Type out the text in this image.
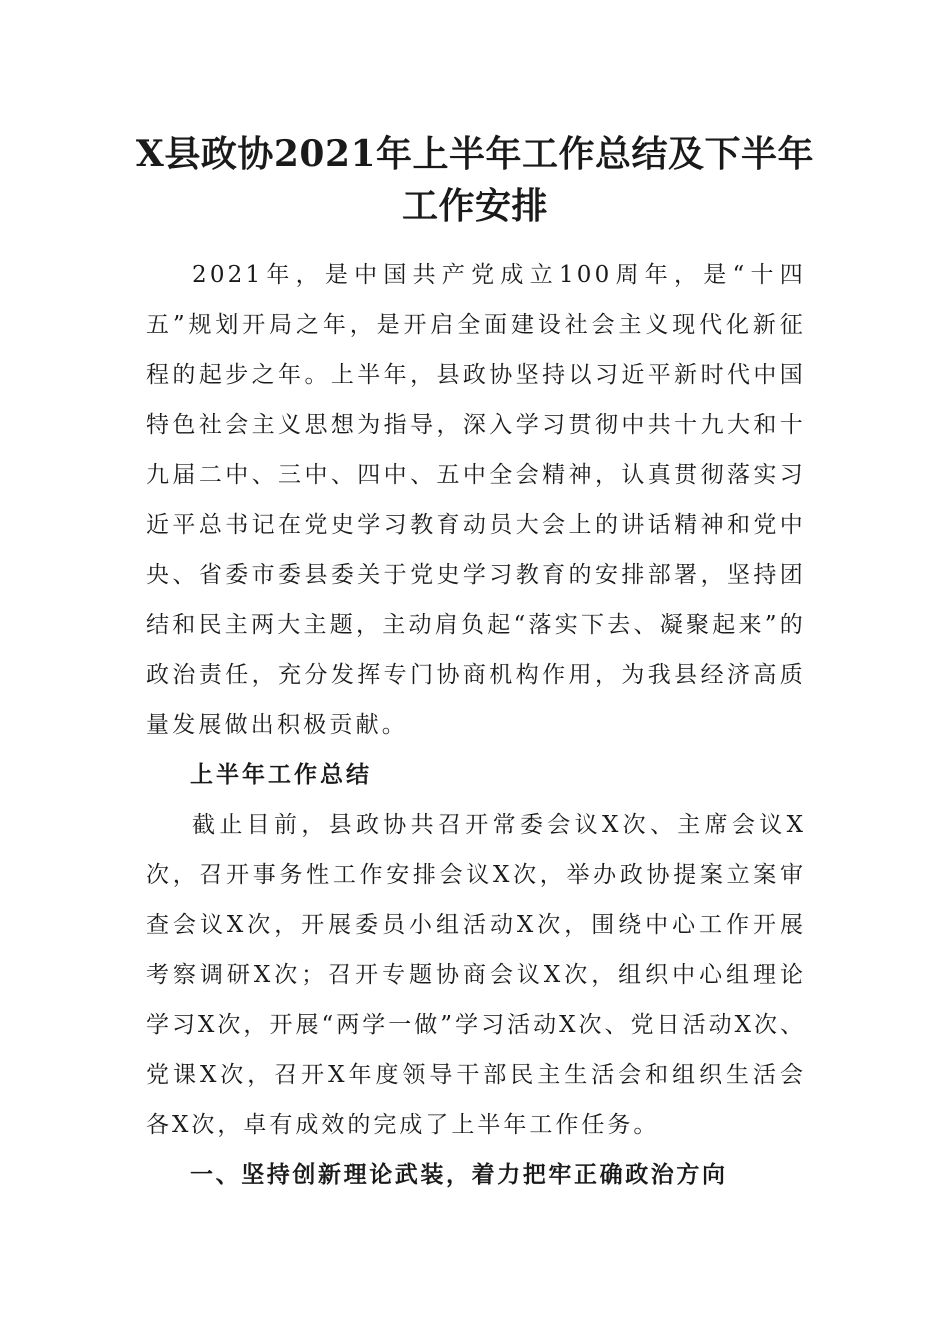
X县政协2021年上半年工作总结及下半年
工作安排

2021年，是中国共产党成立100周年，是“十四五”规划开局之年，是开启全面建设社会主义现代化新征程的起步之年。上半年，县政协坚持以习近平新时代中国特色社会主义思想为指导，深入学习贯彻中共十九大和十九届二中、三中、四中、五中全会精神，认真贯彻落实习近平总书记在党史学习教育动员大会上的讲话精神和党中央、省委市委县委关于党史学习教育的安排部署，坚持团结和民主两大主题，主动肩负起“落实下去、凝聚起来”的政治责任，充分发挥专门协商机构作用，为我县经济高质量发展做出积极贡献。

上半年工作总结

截止目前，县政协共召开常委会议X次、主席会议X次，召开事务性工作安排会议X次，举办政协提案立案审查会议X次，开展委员小组活动X次，围绕中心工作开展考察调研X次；召开专题协商会议X次，组织中心组理论学习X次，开展“两学一做”学习活动X次、党日活动X次、党课X次，召开X年度领导干部民主生活会和组织生活会各X次，卓有成效的完成了上半年工作任务。

一、坚持创新理论武装，着力把牢正确政治方向
